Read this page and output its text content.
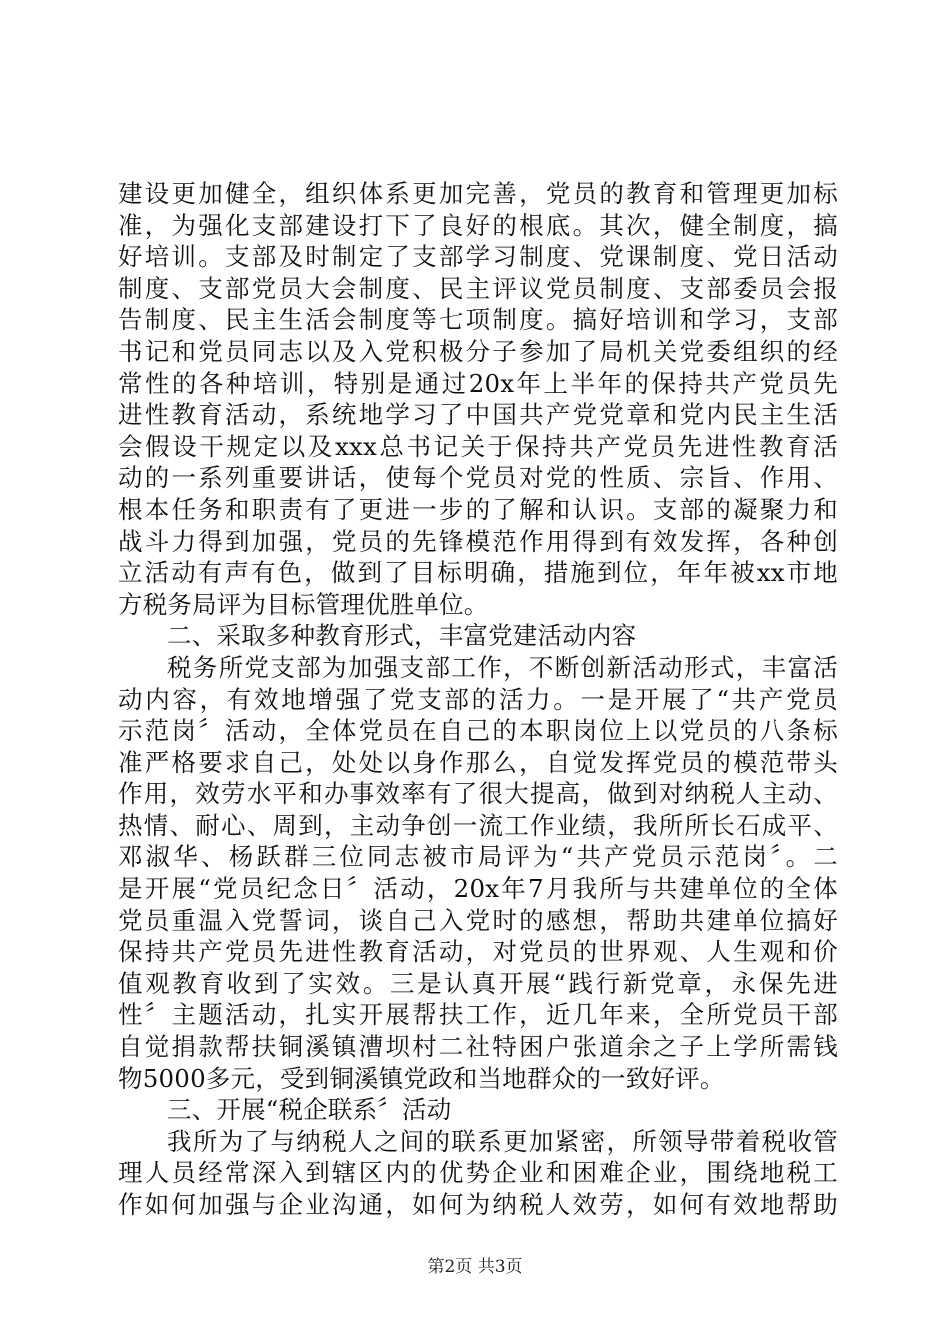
建设更加健全，组织体系更加完善，党员的教育和管理更加标
准，为强化支部建设打下了良好的根底。其次，健全制度，搞
好培训。支部及时制定了支部学习制度、党课制度、党日活动
制度、支部党员大会制度、民主评议党员制度、支部委员会报
告制度、民主生活会制度等七项制度。搞好培训和学习，支部
书记和党员同志以及入党积极分子参加了局机关党委组织的经
常性的各种培训，特别是通过20x年上半年的保持共产党员先
进性教育活动，系统地学习了中国共产党党章和党内民主生活
会假设干规定以及xxx总书记关于保持共产党员先进性教育活
动的一系列重要讲话，使每个党员对党的性质、宗旨、作用、
根本任务和职责有了更进一步的了解和认识。支部的凝聚力和
战斗力得到加强，党员的先锋模范作用得到有效发挥，各种创
立活动有声有色，做到了目标明确，措施到位，年年被xx市地
方税务局评为目标管理优胜单位。
二、采取多种教育形式，丰富党建活动内容
税务所党支部为加强支部工作，不断创新活动形式，丰富活
动内容，有效地增强了党支部的活力。一是开展了“共产党员
示范岗〞活动，全体党员在自己的本职岗位上以党员的八条标
准严格要求自己，处处以身作那么，自觉发挥党员的模范带头
作用，效劳水平和办事效率有了很大提高，做到对纳税人主动、
热情、耐心、周到，主动争创一流工作业绩，我所所长石成平、
邓淑华、杨跃群三位同志被市局评为“共产党员示范岗〞。二
是开展“党员纪念日〞活动，20x年7月我所与共建单位的全体
党员重温入党誓词，谈自己入党时的感想，帮助共建单位搞好
保持共产党员先进性教育活动，对党员的世界观、人生观和价
值观教育收到了实效。三是认真开展“践行新党章，永保先进
性〞主题活动，扎实开展帮扶工作，近几年来，全所党员干部
自觉捐款帮扶铜溪镇漕坝村二社特困户张道余之子上学所需钱
物5000多元，受到铜溪镇党政和当地群众的一致好评。
三、开展“税企联系〞活动
我所为了与纳税人之间的联系更加紧密，所领导带着税收管
理人员经常深入到辖区内的优势企业和困难企业，围绕地税工
作如何加强与企业沟通，如何为纳税人效劳，如何有效地帮助
第2页 共3页
